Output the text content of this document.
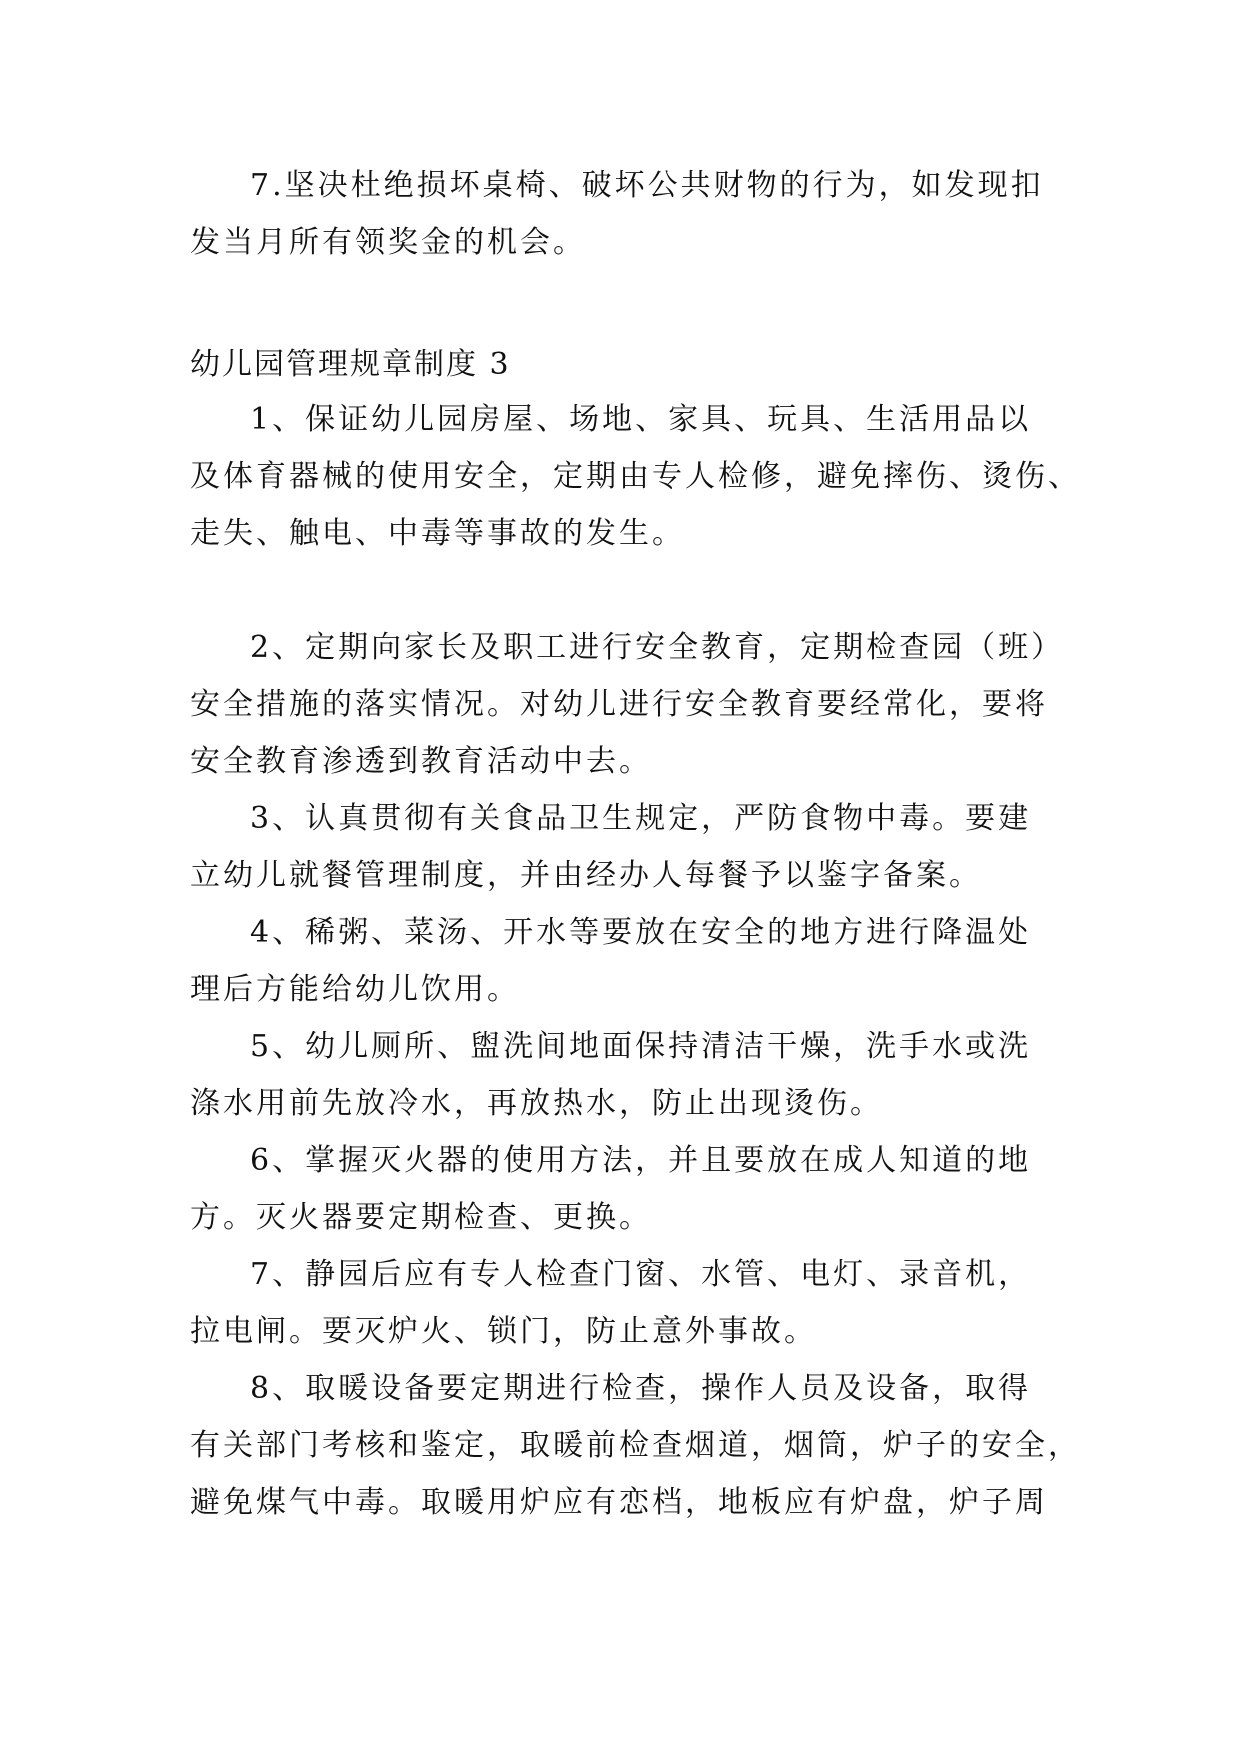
7.坚决杜绝损坏桌椅、破坏公共财物的行为，如发现扣
发当月所有领奖金的机会。
幼儿园管理规章制度 3
1、保证幼儿园房屋、场地、家具、玩具、生活用品以
及体育器械的使用安全，定期由专人检修，避免摔伤、烫伤、
走失、触电、中毒等事故的发生。
2、定期向家长及职工进行安全教育，定期检查园（班）
安全措施的落实情况。对幼儿进行安全教育要经常化，要将
安全教育渗透到教育活动中去。
3、认真贯彻有关食品卫生规定，严防食物中毒。要建
立幼儿就餐管理制度，并由经办人每餐予以鉴字备案。
4、稀粥、菜汤、开水等要放在安全的地方进行降温处
理后方能给幼儿饮用。
5、幼儿厕所、盥洗间地面保持清洁干燥，洗手水或洗
涤水用前先放冷水，再放热水，防止出现烫伤。
6、掌握灭火器的使用方法，并且要放在成人知道的地
方。灭火器要定期检查、更换。
7、静园后应有专人检查门窗、水管、电灯、录音机，
拉电闸。要灭炉火、锁门，防止意外事故。
8、取暖设备要定期进行检查，操作人员及设备，取得
有关部门考核和鉴定，取暖前检查烟道，烟筒，炉子的安全，
避免煤气中毒。取暖用炉应有恋档，地板应有炉盘，炉子周
